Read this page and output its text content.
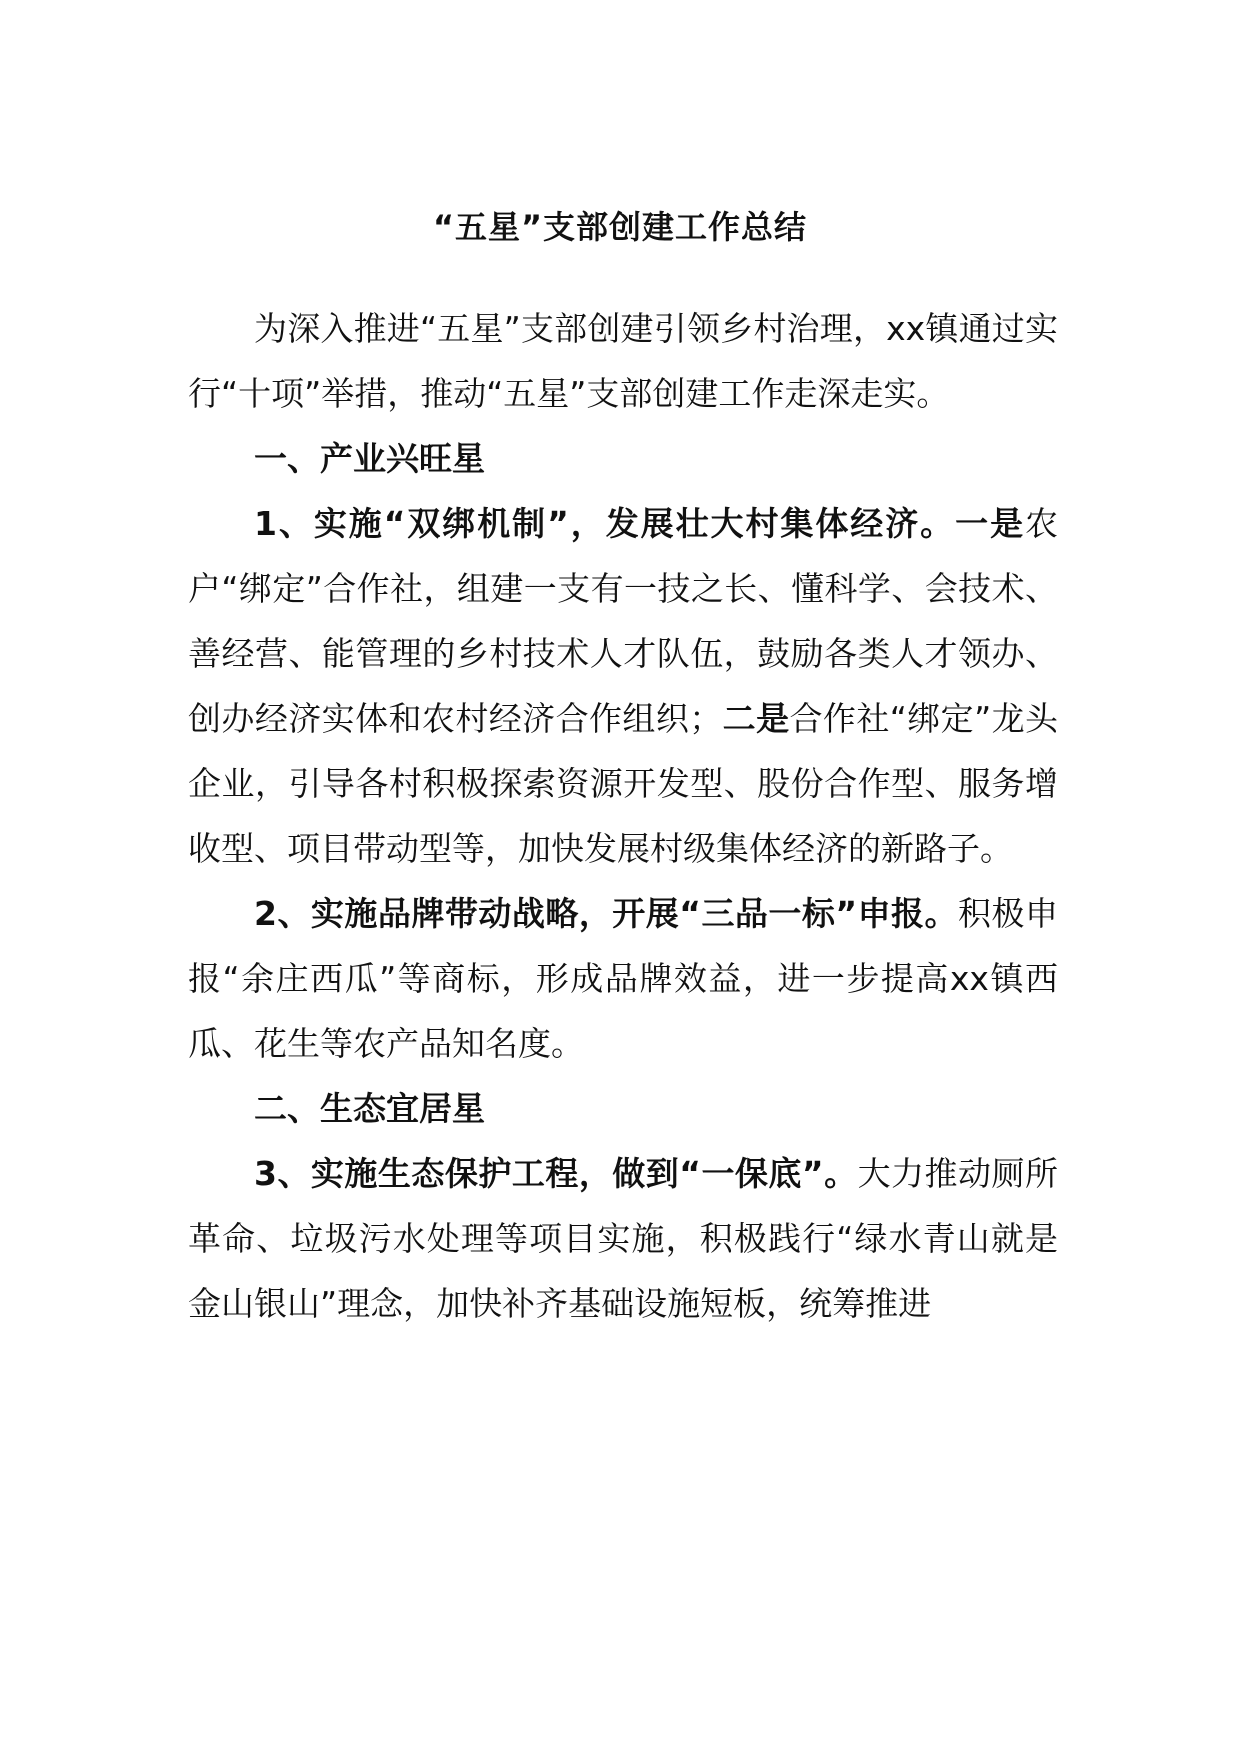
“五星”支部创建工作总结

为深入推进“五星”支部创建引领乡村治理，xx镇通过实行“十项”举措，推动“五星”支部创建工作走深走实。

一、产业兴旺星

1、实施“双绑机制”，发展壮大村集体经济。一是农户“绑定”合作社，组建一支有一技之长、懂科学、会技术、善经营、能管理的乡村技术人才队伍，鼓励各类人才领办、创办经济实体和农村经济合作组织；二是合作社“绑定”龙头企业，引导各村积极探索资源开发型、股份合作型、服务增收型、项目带动型等，加快发展村级集体经济的新路子。

2、实施品牌带动战略，开展“三品一标”申报。积极申报“余庄西瓜”等商标，形成品牌效益，进一步提高xx镇西瓜、花生等农产品知名度。

二、生态宜居星

3、实施生态保护工程，做到“一保底”。大力推动厕所革命、垃圾污水处理等项目实施，积极践行“绿水青山就是金山银山”理念，加快补齐基础设施短板，统筹推进
